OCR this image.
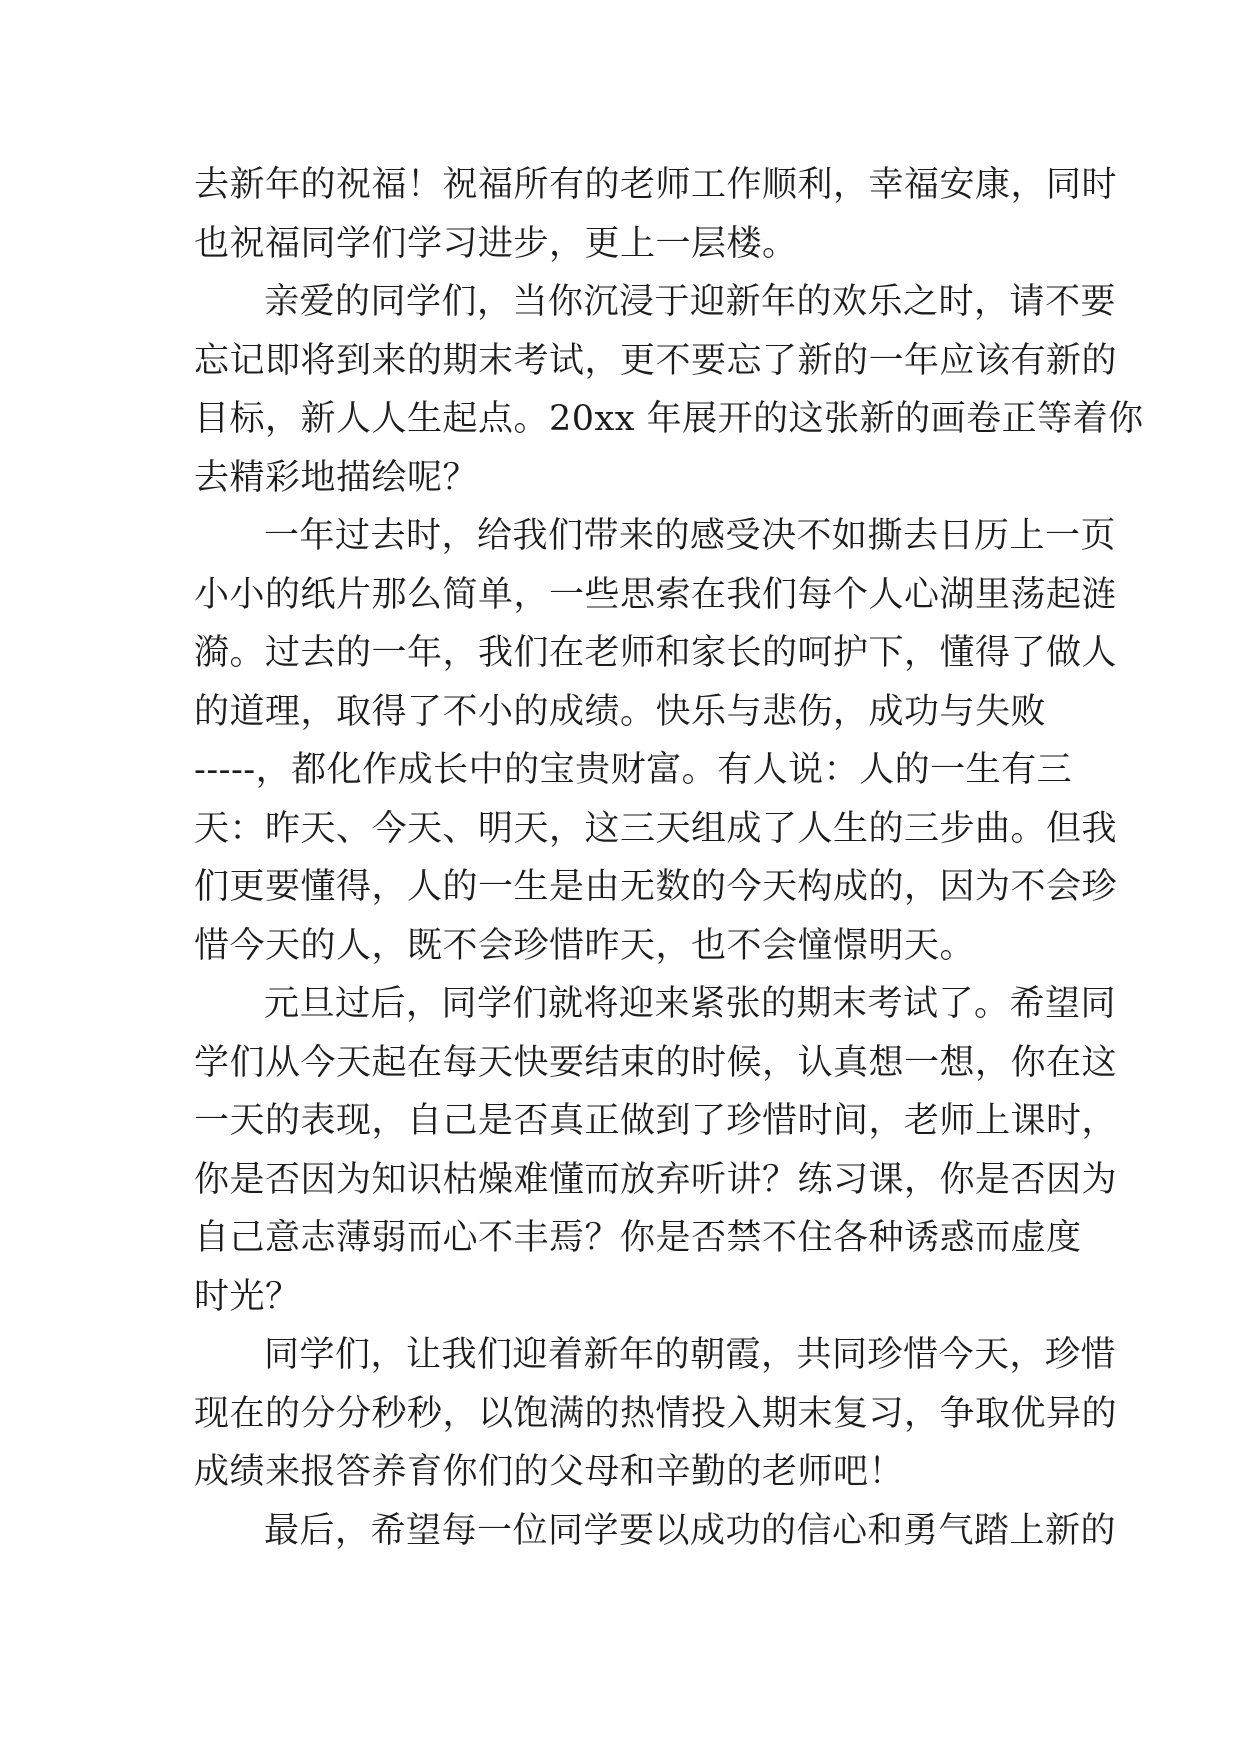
去新年的祝福！祝福所有的老师工作顺利，幸福安康，同时
也祝福同学们学习进步，更上一层楼。
亲爱的同学们，当你沉浸于迎新年的欢乐之时，请不要
忘记即将到来的期末考试，更不要忘了新的一年应该有新的
目标，新人人生起点。20xx 年展开的这张新的画卷正等着你
去精彩地描绘呢？
一年过去时，给我们带来的感受决不如撕去日历上一页
小小的纸片那么简单，一些思索在我们每个人心湖里荡起涟
漪。过去的一年，我们在老师和家长的呵护下，懂得了做人
的道理，取得了不小的成绩。快乐与悲伤，成功与失败
-----，都化作成长中的宝贵财富。有人说：人的一生有三
天：昨天、今天、明天，这三天组成了人生的三步曲。但我
们更要懂得，人的一生是由无数的今天构成的，因为不会珍
惜今天的人，既不会珍惜昨天，也不会憧憬明天。
元旦过后，同学们就将迎来紧张的期末考试了。希望同
学们从今天起在每天快要结束的时候，认真想一想，你在这
一天的表现，自己是否真正做到了珍惜时间，老师上课时，
你是否因为知识枯燥难懂而放弃听讲？练习课，你是否因为
自己意志薄弱而心不丰焉？你是否禁不住各种诱惑而虚度
时光？
同学们，让我们迎着新年的朝霞，共同珍惜今天，珍惜
现在的分分秒秒，以饱满的热情投入期末复习，争取优异的
成绩来报答养育你们的父母和辛勤的老师吧！
最后，希望每一位同学要以成功的信心和勇气踏上新的
